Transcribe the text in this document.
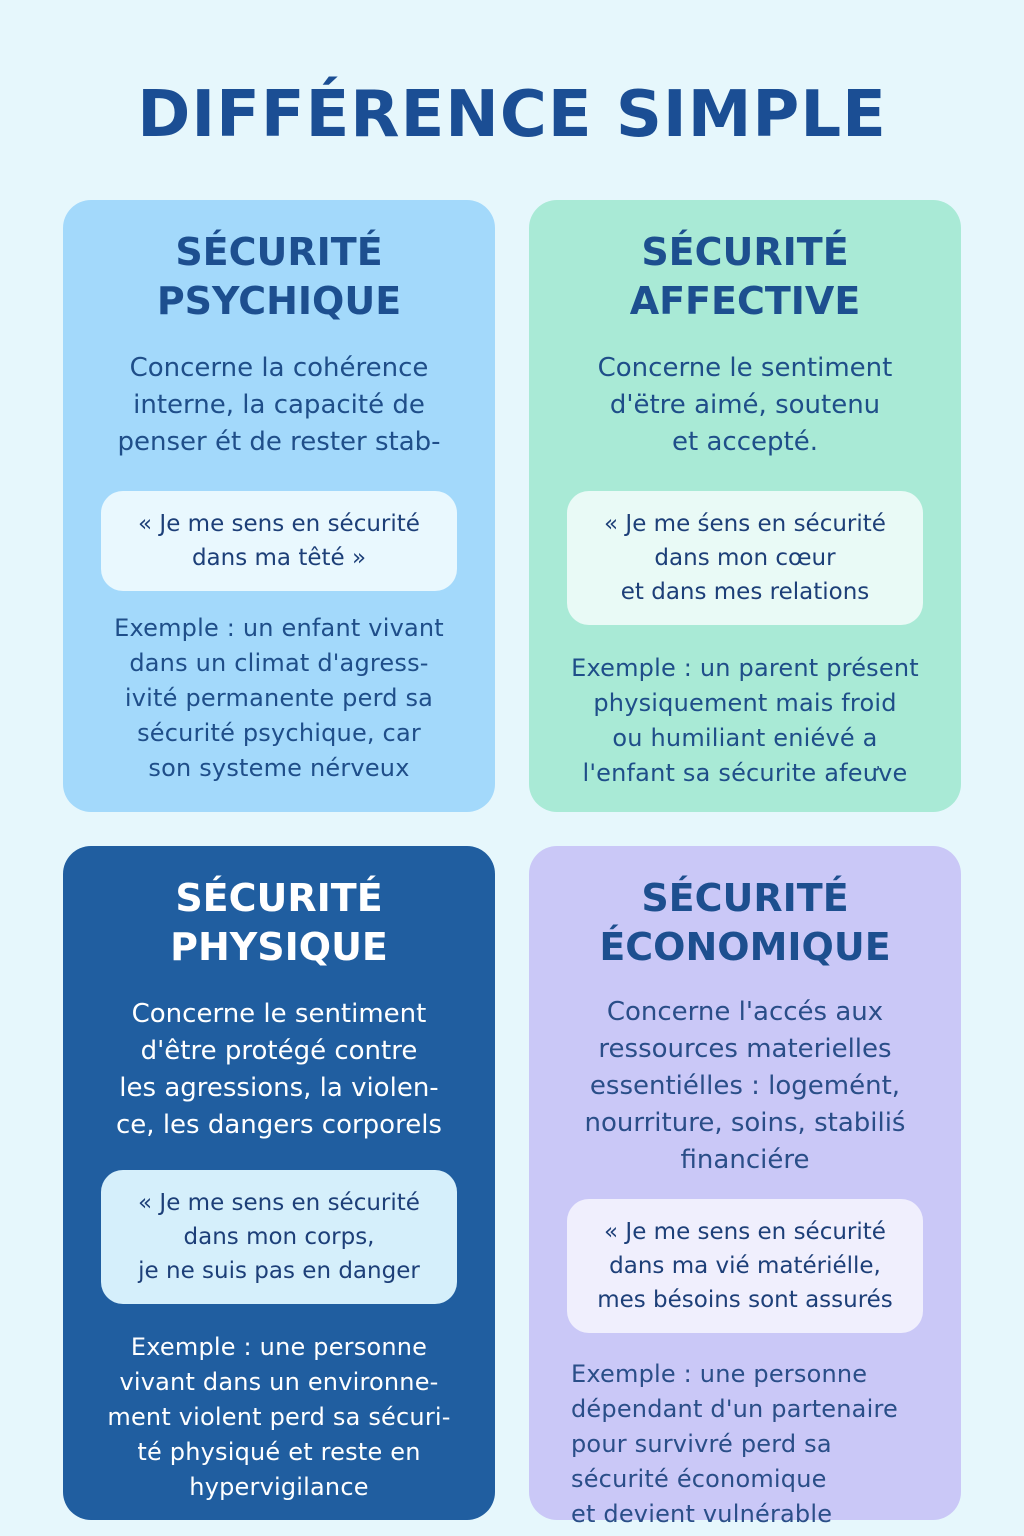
DIFFÉRENCE SIMPLE
SÉCURITÉ
PSYCHIQUE

Concerne la cohérence
interne, la capacité de
penser ét de rester stab-

« Je me sens en sécurité
dans ma têté »

Exemple : un enfant vivant
dans un climat d'agress-
ivité permanente perd sa
sécurité psychique, car
son systeme nérveux

SÉCURITÉ
AFFECTIVE

Concerne le sentiment
d'ëtre aimé, soutenu
et accepté.

« Je me śens en sécurité
dans mon cœur
et dans mes relations

Exemple : un parent présent
physiquement mais froid
ou humiliant eniévé a
l'enfant sa sécurite afeưve

SÉCURITÉ
PHYSIQUE

Concerne le sentiment
d'être protégé contre
les agressions, la violen-
ce, les dangers corporels

« Je me sens en sécurité
dans mon corps,
je ne suis pas en danger

Exemple : une personne
vivant dans un environne-
ment violent perd sa sécuri-
té physiqué et reste en
hypervigilance

SÉCURITÉ
ÉCONOMIQUE

Concerne l'accés aux
ressources materielles
essentiélles : logemént,
nourriture, soins, stabiliś
financiére

« Je me sens en sécurité
dans ma vié matériélle,
mes bésoins sont assurés

Exemple : une personne
dépendant d'un partenaire
pour survivré perd sa
sécurité économique
et devient vulnérable
